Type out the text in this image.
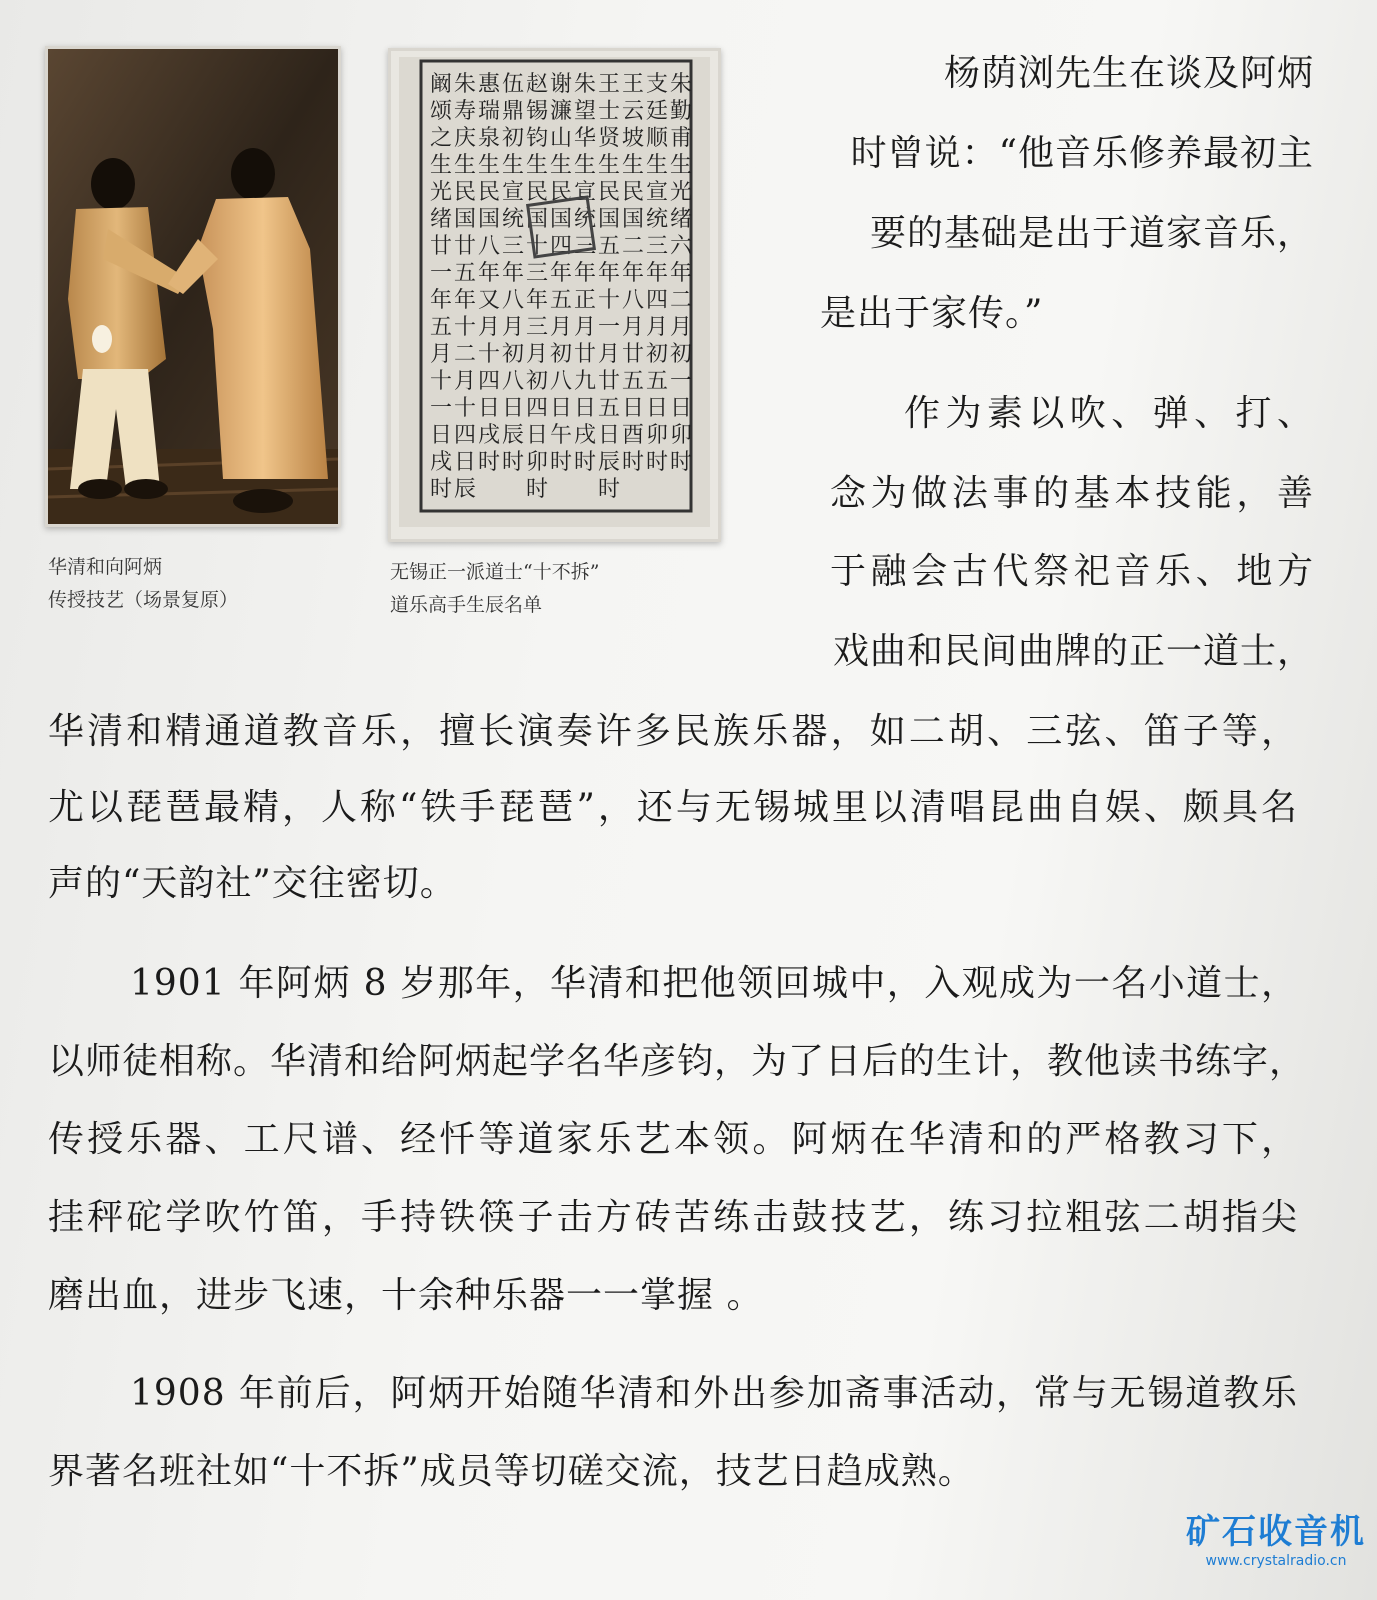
朱
勤
甫
生
光
绪
六
年
二
月
初
一
日
卯
时
支
廷
顺
生
宣
统
三
年
四
月
初
五
日
卯
时
王
云
坡
生
民
国
二
年
八
月
廿
五
日
酉
时
王
士
贤
生
民
国
五
年
十
一
月
廿
五
日
辰
时
朱
望
华
生
宣
统
三
年
正
月
廿
九
日
戌
时
谢
濂
山
生
民
国
四
年
五
月
初
八
日
午
时
赵
锡
钧
生
民
国
十
三
年
三
月
初
四
日
卯
时
伍
鼎
初
生
宣
统
三
年
八
月
初
八
日
辰
时
惠
瑞
泉
生
民
国
八
年
又
月
十
四
日
戌
时
朱
寿
庆
生
民
国
廿
五
年
十
二
月
十
四
日
辰
阚
颂
之
生
光
绪
廿
一
年
五
月
十
一
日
戌
时
华清和向阿炳
传授技艺（场景复原）
无锡正一派道士“十不拆”
道乐高手生辰名单
杨荫浏先生在谈及阿炳
时曾说：“他音乐修养最初主
要的基础是出于道家音乐，
是出于家传。”
作为素以吹、弹、打、
念为做法事的基本技能，善
于融会古代祭祀音乐、地方
戏曲和民间曲牌的正一道士，
华清和精通道教音乐，擅长演奏许多民族乐器，如二胡、三弦、笛子等，
尤以琵琶最精，人称“铁手琵琶”，还与无锡城里以清唱昆曲自娱、颇具名
声的“天韵社”交往密切。
1901 年阿炳 8 岁那年，华清和把他领回城中，入观成为一名小道士，
以师徒相称。华清和给阿炳起学名华彦钧，为了日后的生计，教他读书练字，
传授乐器、工尺谱、经忏等道家乐艺本领。阿炳在华清和的严格教习下，
挂秤砣学吹竹笛，手持铁筷子击方砖苦练击鼓技艺，练习拉粗弦二胡指尖
磨出血，进步飞速，十余种乐器一一掌握 。
1908 年前后，阿炳开始随华清和外出参加斋事活动，常与无锡道教乐
界著名班社如“十不拆”成员等切磋交流，技艺日趋成熟。
矿石收音机
www.crystalradio.cn
